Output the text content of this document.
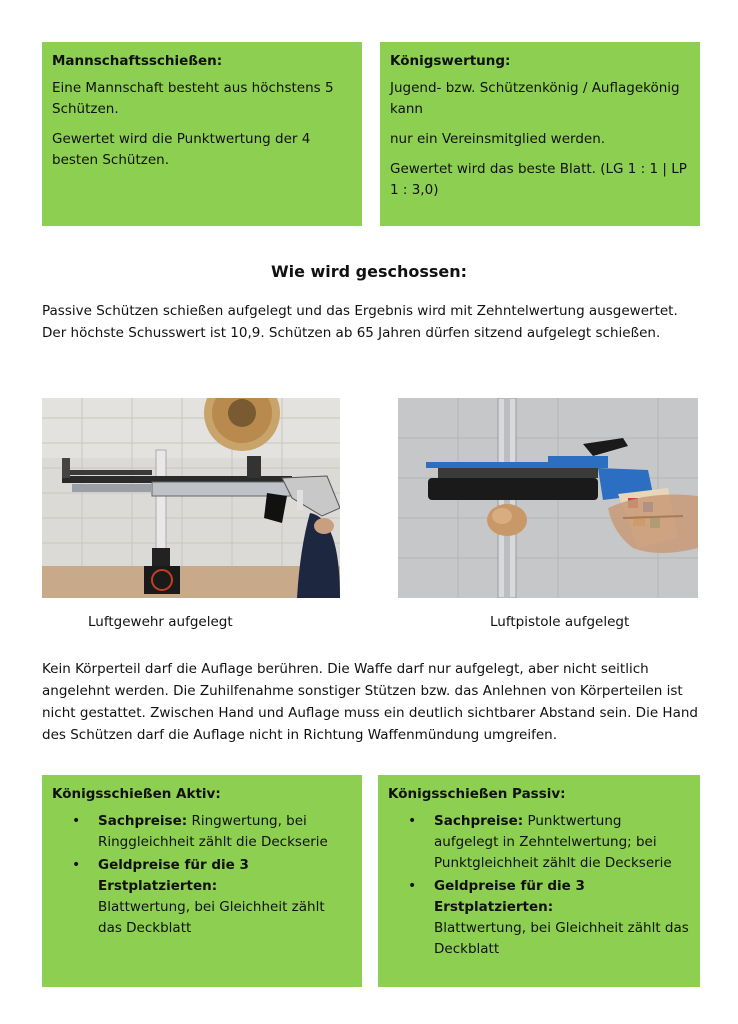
Mannschaftsschießen:

Eine Mannschaft besteht aus höchstens 5 Schützen.

Gewertet wird die Punktwertung der 4 besten Schützen.

Königswertung:

Jugend- bzw. Schützenkönig / Auflagekönig kann

nur ein Vereinsmitglied werden.

Gewertet wird das beste Blatt. (LG 1 : 1 | LP 1 : 3,0)

Wie wird geschossen:
Passive Schützen schießen aufgelegt und das Ergebnis wird mit Zehntelwertung ausgewertet.
Der höchste Schusswert ist 10,9. Schützen ab 65 Jahren dürfen sitzend aufgelegt schießen.
Luftgewehr aufgelegt	Luftpistole aufgelegt

Kein Körperteil darf die Auflage berühren. Die Waffe darf nur aufgelegt, aber nicht seitlich angelehnt werden. Die Zuhilfenahme sonstiger Stützen bzw. das Anlehnen von Körperteilen ist nicht gestattet. Zwischen Hand und Auflage muss ein deutlich sichtbarer Abstand sein. Die Hand des Schützen darf die Auflage nicht in Richtung Waffenmündung umgreifen.

Königsschießen Aktiv:
• Sachpreise: Ringwertung, bei Ringgleichheit zählt die Deckserie
• Geldpreise für die 3 Erstplatzierten:
Blattwertung, bei Gleichheit zählt das Deckblatt
Königsschießen Passiv:
• Sachpreise: Punktwertung aufgelegt in Zehntelwertung; bei Punktgleichheit zählt die Deckserie
• Geldpreise für die 3 Erstplatzierten:
Blattwertung, bei Gleichheit zählt das Deckblatt
